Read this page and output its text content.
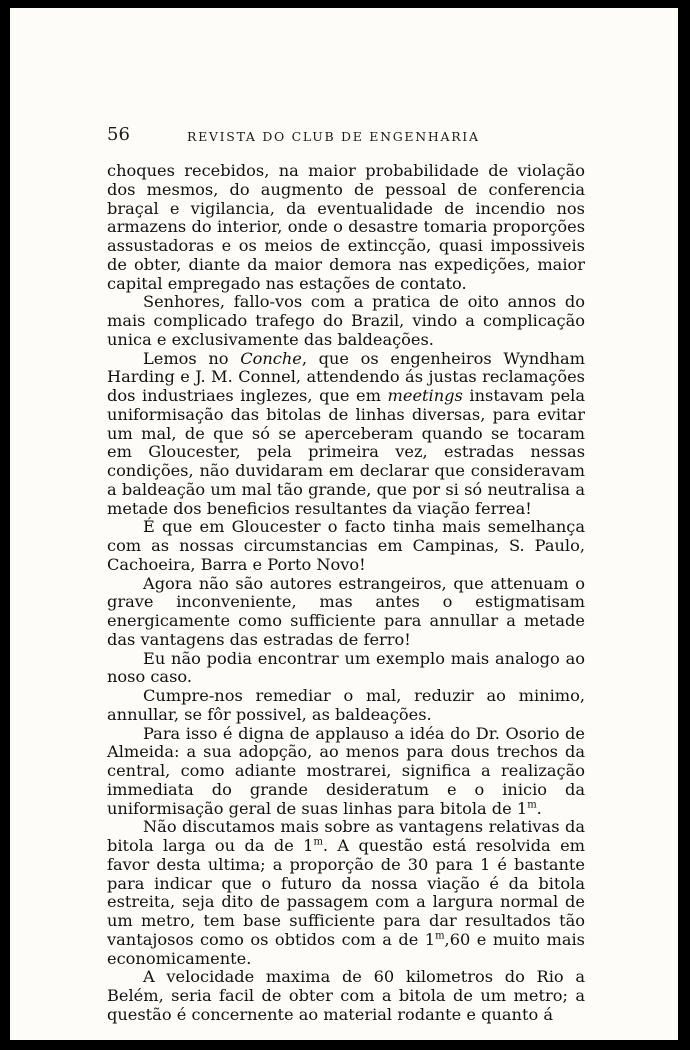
56	REVISTA DO CLUB DE ENGENHARIA

choques recebidos, na maior probabilidade de violação dos mesmos, do augmento de pessoal de conferencia braçal e vigilancia, da eventualidade de incendio nos armazens do interior, onde o desastre tomaria proporções assustadoras e os meios de extincção, quasi impossiveis de obter, diante da maior demora nas expedições, maior capital empregado nas estações de contato.

Senhores, fallo-vos com a pratica de oito annos do mais complicado trafego do Brazil, vindo a complicação unica e exclusivamente das baldeações.

Lemos no Conche, que os engenheiros Wyndham Harding e J. M. Connel, attendendo ás justas reclamações dos industriaes inglezes, que em meetings instavam pela uniformisação das bitolas de linhas diversas, para evitar um mal, de que só se aperceberam quando se tocaram em Gloucester, pela primeira vez, estradas nessas condições, não duvidaram em declarar que consideravam a baldeação um mal tão grande, que por si só neutralisa a metade dos beneficios resultantes da viação ferrea!

É que em Gloucester o facto tinha mais semelhança com as nossas circumstancias em Campinas, S. Paulo, Cachoeira, Barra e Porto Novo!

Agora não são autores estrangeiros, que attenuam o grave inconveniente, mas antes o estigmatisam energicamente como sufficiente para annullar a metade das vantagens das estradas de ferro!

Eu não podia encontrar um exemplo mais analogo ao noso caso.

Cumpre-nos remediar o mal, reduzir ao minimo, annullar, se fôr possivel, as baldeações.

Para isso é digna de applauso a idéa do Dr. Osorio de Almeida: a sua adopção, ao menos para dous trechos da central, como adiante mostrarei, significa a realização immediata do grande desideratum e o inicio da uniformisação geral de suas linhas para bitola de 1$^m$.

Não discutamos mais sobre as vantagens relativas da bitola larga ou da de 1$^m$. A questão está resolvida em favor desta ultima; a proporção de 30 para 1 é bastante para indicar que o futuro da nossa viação é da bitola estreita, seja dito de passagem com a largura normal de um metro, tem base sufficiente para dar resultados tão vantajosos como os obtidos com a de 1$^m$,60 e muito mais economicamente.

A velocidade maxima de 60 kilometros do Rio a Belém, seria facil de obter com a bitola de um metro; a questão é concernente ao material rodante e quanto á
